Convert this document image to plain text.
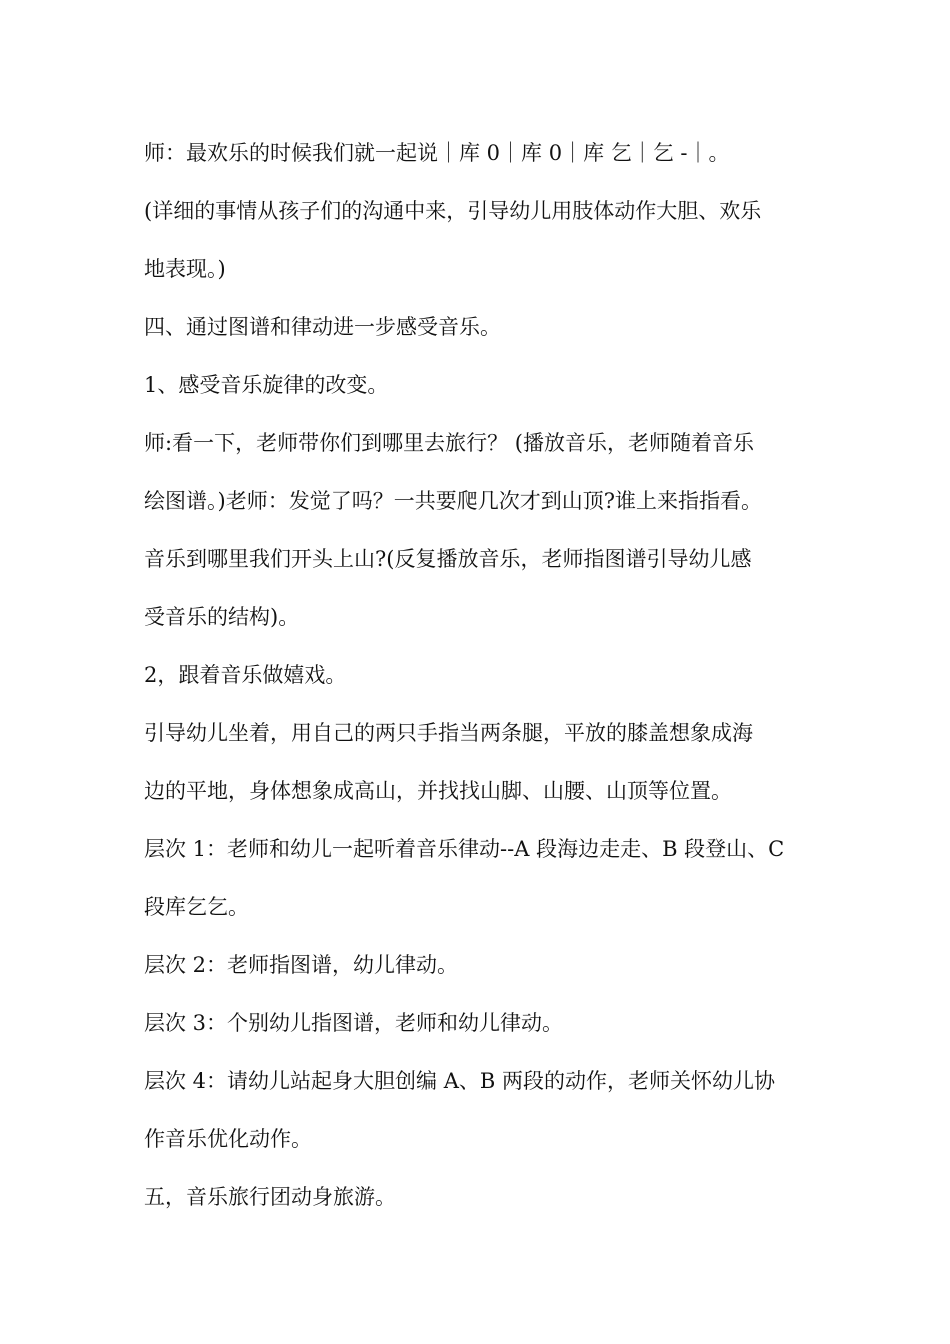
师：最欢乐的时候我们就一起说｜库 0｜库 0｜库 乞｜乞 -｜。
(详细的事情从孩子们的沟通中来，引导幼儿用肢体动作大胆、欢乐
地表现。)
四、通过图谱和律动进一步感受音乐。
1、感受音乐旋律的改变。
师:看一下，老师带你们到哪里去旅行？ (播放音乐，老师随着音乐
绘图谱。)老师：发觉了吗？一共要爬几次才到山顶?谁上来指指看。
音乐到哪里我们开头上山?(反复播放音乐，老师指图谱引导幼儿感
受音乐的结构)。
2，跟着音乐做嬉戏。
引导幼儿坐着，用自己的两只手指当两条腿，平放的膝盖想象成海
边的平地，身体想象成高山，并找找山脚、山腰、山顶等位置。
层次 1：老师和幼儿一起听着音乐律动--A 段海边走走、B 段登山、C
段库乞乞。
层次 2：老师指图谱，幼儿律动。
层次 3：个别幼儿指图谱，老师和幼儿律动。
层次 4：请幼儿站起身大胆创编 A、B 两段的动作，老师关怀幼儿协
作音乐优化动作。
五，音乐旅行团动身旅游。
